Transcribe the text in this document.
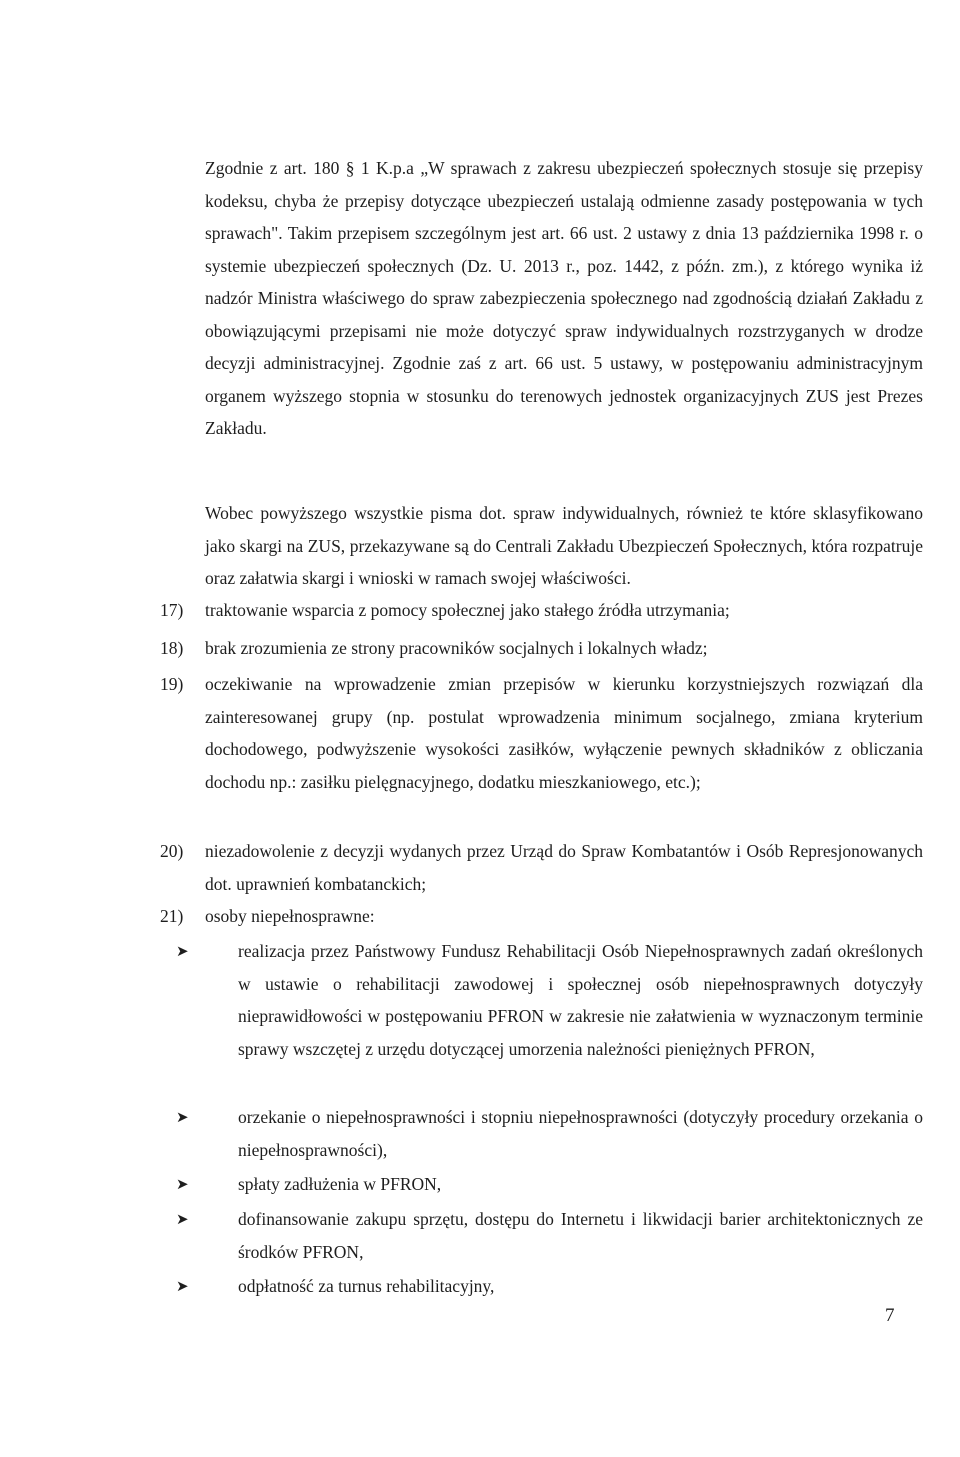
Zgodnie z art. 180 § 1 K.p.a „W sprawach z zakresu ubezpieczeń społecznych stosuje się przepisy kodeksu, chyba że przepisy dotyczące ubezpieczeń ustalają odmienne zasady postępowania w tych sprawach". Takim przepisem szczególnym jest art. 66 ust. 2 ustawy z dnia 13 października 1998 r. o systemie ubezpieczeń społecznych (Dz. U. 2013 r., poz. 1442, z późn. zm.), z którego wynika iż nadzór Ministra właściwego do spraw zabezpieczenia społecznego nad zgodnością działań Zakładu z obowiązującymi przepisami nie może dotyczyć spraw indywidualnych rozstrzyganych w drodze decyzji administracyjnej. Zgodnie zaś z art. 66 ust. 5 ustawy, w postępowaniu administracyjnym organem wyższego stopnia w stosunku do terenowych jednostek organizacyjnych ZUS jest Prezes Zakładu.

Wobec powyższego wszystkie pisma dot. spraw indywidualnych, również te które sklasyfikowano jako skargi na ZUS, przekazywane są do Centrali Zakładu Ubezpieczeń Społecznych, która rozpatruje oraz załatwia skargi i wnioski w ramach swojej właściwości.

17)	traktowanie wsparcia z pomocy społecznej jako stałego źródła utrzymania;
18)	brak zrozumienia ze strony pracowników socjalnych i lokalnych władz;
19)	oczekiwanie na wprowadzenie zmian przepisów w kierunku korzystniejszych rozwiązań dla zainteresowanej grupy (np. postulat wprowadzenia minimum socjalnego, zmiana kryterium dochodowego, podwyższenie wysokości zasiłków, wyłączenie pewnych składników z obliczania dochodu np.: zasiłku pielęgnacyjnego, dodatku mieszkaniowego, etc.);
20)	niezadowolenie z decyzji wydanych przez Urząd do Spraw Kombatantów i Osób Represjonowanych dot. uprawnień kombatanckich;
21)	osoby niepełnosprawne:
➤	realizacja przez Państwowy Fundusz Rehabilitacji Osób Niepełnosprawnych zadań określonych w ustawie o rehabilitacji zawodowej i społecznej osób niepełnosprawnych dotyczyły nieprawidłowości w postępowaniu PFRON w zakresie nie załatwienia w wyznaczonym terminie sprawy wszczętej z urzędu dotyczącej umorzenia należności pieniężnych PFRON,
➤	orzekanie o niepełnosprawności i stopniu niepełnosprawności (dotyczyły procedury orzekania o niepełnosprawności),
➤	spłaty zadłużenia w PFRON,
➤	dofinansowanie zakupu sprzętu, dostępu do Internetu i likwidacji barier architektonicznych ze środków PFRON,
➤	odpłatność za turnus rehabilitacyjny,
7
